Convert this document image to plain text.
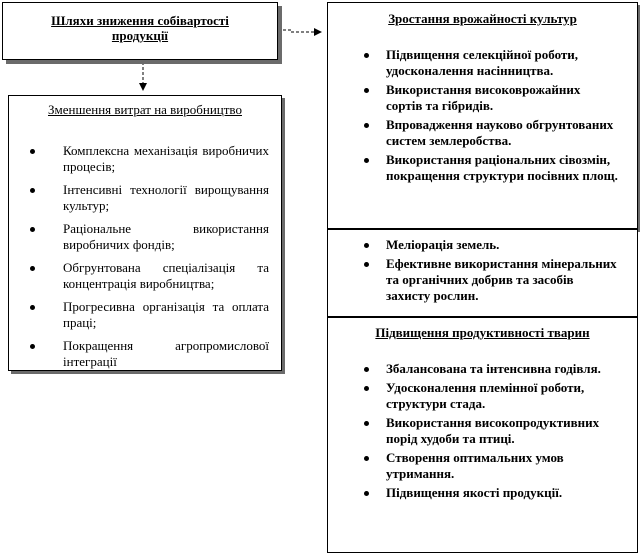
Шляхи зниження собівартості продукції
Зменшення витрат на виробництво
Комплексна механізація виробничих процесів;
Інтенсивні технології вирощування культур;
Раціональне використання виробничих фондів;
Обгрунтована спеціалізація та концентрація виробництва;
Прогресивна організація та оплата праці;
Покращення агропромислової інтеграції
Зростання врожайності культур
Підвищення селекційної роботи, удосконалення насінництва.
Використання високоврожайних сортів та гібридів.
Впровадження науково обгрунтованих систем землеробства.
Використання раціональних сівозмін, покращення структури посівних площ.
Меліорація земель.
Ефективне використання мінеральних та органічних добрив та засобів захисту рослин.
Підвищення продуктивності тварин
Збалансована та інтенсивна годівля.
Удосконалення племінної роботи, структури стада.
Використання високопродуктивних порід худоби та птиці.
Створення оптимальних умов утримання.
Підвищення якості продукції.
